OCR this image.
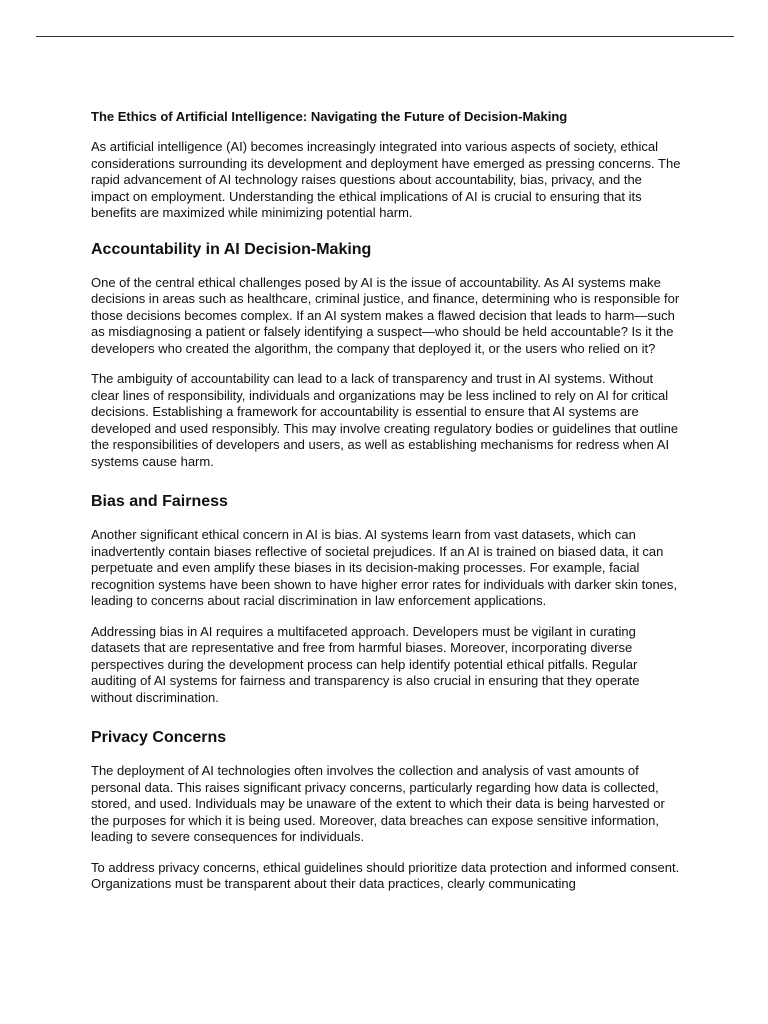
The Ethics of Artificial Intelligence: Navigating the Future of Decision-Making

As artificial intelligence (AI) becomes increasingly integrated into various aspects of society, ethical considerations surrounding its development and deployment have emerged as pressing concerns. The rapid advancement of AI technology raises questions about accountability, bias, privacy, and the impact on employment. Understanding the ethical implications of AI is crucial to ensuring that its benefits are maximized while minimizing potential harm.

Accountability in AI Decision-Making

One of the central ethical challenges posed by AI is the issue of accountability. As AI systems make decisions in areas such as healthcare, criminal justice, and finance, determining who is responsible for those decisions becomes complex. If an AI system makes a flawed decision that leads to harm—such as misdiagnosing a patient or falsely identifying a suspect—who should be held accountable? Is it the developers who created the algorithm, the company that deployed it, or the users who relied on it?

The ambiguity of accountability can lead to a lack of transparency and trust in AI systems. Without clear lines of responsibility, individuals and organizations may be less inclined to rely on AI for critical decisions. Establishing a framework for accountability is essential to ensure that AI systems are developed and used responsibly. This may involve creating regulatory bodies or guidelines that outline the responsibilities of developers and users, as well as establishing mechanisms for redress when AI systems cause harm.

Bias and Fairness

Another significant ethical concern in AI is bias. AI systems learn from vast datasets, which can inadvertently contain biases reflective of societal prejudices. If an AI is trained on biased data, it can perpetuate and even amplify these biases in its decision-making processes. For example, facial recognition systems have been shown to have higher error rates for individuals with darker skin tones, leading to concerns about racial discrimination in law enforcement applications.

Addressing bias in AI requires a multifaceted approach. Developers must be vigilant in curating datasets that are representative and free from harmful biases. Moreover, incorporating diverse perspectives during the development process can help identify potential ethical pitfalls. Regular auditing of AI systems for fairness and transparency is also crucial in ensuring that they operate without discrimination.

Privacy Concerns

The deployment of AI technologies often involves the collection and analysis of vast amounts of personal data. This raises significant privacy concerns, particularly regarding how data is collected, stored, and used. Individuals may be unaware of the extent to which their data is being harvested or the purposes for which it is being used. Moreover, data breaches can expose sensitive information, leading to severe consequences for individuals.

To address privacy concerns, ethical guidelines should prioritize data protection and informed consent. Organizations must be transparent about their data practices, clearly communicating
